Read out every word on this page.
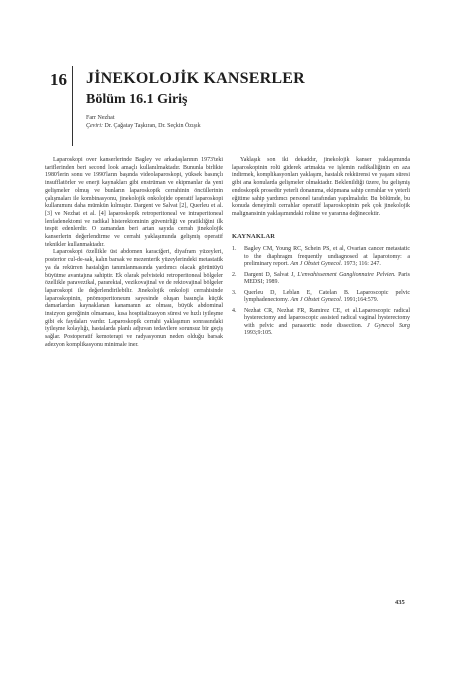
16 JİNEKOLOJİK KANSERLER
Bölüm 16.1 Giriş
Farr Nezhat
Çeviri: Dr. Çağatay Taşkıran, Dr. Seçkin Özışık

Laparoskopi over kanserlerinde Bagley ve arkadaşlarının 1973'teki tariflerinden beri second look amaçlı kullanılmaktadır. Bununla birlikte 1980'lerin sonu ve 1990'ların başında videolaparoskopi, yüksek basınçlı insufflatörler ve enerji kaynakları gibi enstrüman ve ekipmanlar da yeni gelişmeler olmuş ve bunların laparoskopik cerrahinin öncüllerinin çalışmaları ile kombinasyonu, jinekolojik onkolojide operatif laparoskopi kullanımını daha mümkün kılmıştır. Dargent ve Salvat [2], Querleu et al. [3] ve Nezhat et al. [4] laparoskopik retroperitoneal ve intraperitoneal lenfadenektomi ve radikal histerektominin güvenirliği ve pratikliğini ilk tespit edenlerdir. O zamandan beri artan sayıda cerrah jinekolojik kanserlerin değerlendirme ve cerrahi yaklaşımında gelişmiş operatif teknikler kullanmaktadır.

Laparoskopi özellikle üst abdomen karaciğeri, diyafram yüzeyleri, posterior cul-de-sak, kalın barsak ve mezenterik yüzeylerindeki metastatik ya da rekürren hastalığın tanımlanmasında yardımcı olacak görüntüyü büyütme avantajına sahiptir. Ek olarak pelvisteki retroperitoneal bölgeler özellikle paravezikal, pararektal, vezikovajinal ve de rektovajinal bölgeler laparoskopi ile değerlendirilebilir. Jinekolojik onkoloji cerrahisinde laparoskopinin, pnömoperitoneum sayesinde oluşan basınçla küçük damarlardan kaynaklanan kanamanın az olması, büyük abdominal insizyon gereğinin olmaması, kısa hospitalizasyon süresi ve hızlı iyileşme gibi ek faydaları vardır. Laparoskopik cerrahi yaklaşımın sonrasındaki iyileşme kolaylığı, hastalarda planlı adjuvan tedavilere sorunsuz bir geçiş sağlar. Postoperatif kemoterapi ve radyasyonun neden olduğu barsak adezyon komplikasyonu minimale iner.

Yaklaşık son iki dekaddır, jinekolojik kanser yaklaşımında laparoskopinin rolü giderek artmakta ve işlemin radikalliğinin en aza indirmek, komplikasyonları yaklaşım, hastalık rekkürensi ve yaşam süresi gibi ana konularda gelişmeler olmaktadır. Beklenildiği üzere, bu gelişmiş endoskopik prosedür yeterli donanıma, ekipmana sahip cerrahlar ve yeterli eğitime sahip yardımcı personel tarafından yapılmalıdır. Bu bölümde, bu konuda deneyimli cerrahlar operatif laparoskopinin pek çok jinekolojik malignansinin yaklaşımındaki rolüne ve yararına değinecektir.

KAYNAKLAR
1. Bagley CM, Young RC, Schein PS, et al, Ovarian cancer metastatic to the diaphragm frequently undiagnosed at laparotomy: a preliminary report. Am J Obstet Gynecol. 1973; 116: 247.
2. Dargent D, Salvat J, L'envahissement Ganglionnaire Pelvien. Paris MEDSI; 1989.
3. Querleu D, Leblan E, Catelan B. Laparoscopic pelvic lymphadenectomy. Am J Obstet Gynecol. 1991;164:579.
4. Nezhat CR, Nezhat FR, Ramirez CE, et al.Laparoscopic radical hysterectomy and laparoscopic assisted radical vaginal hysterectomy with pelvic and paraaortic node dissection. J Gynecol Surg 1993;9:105.
435
